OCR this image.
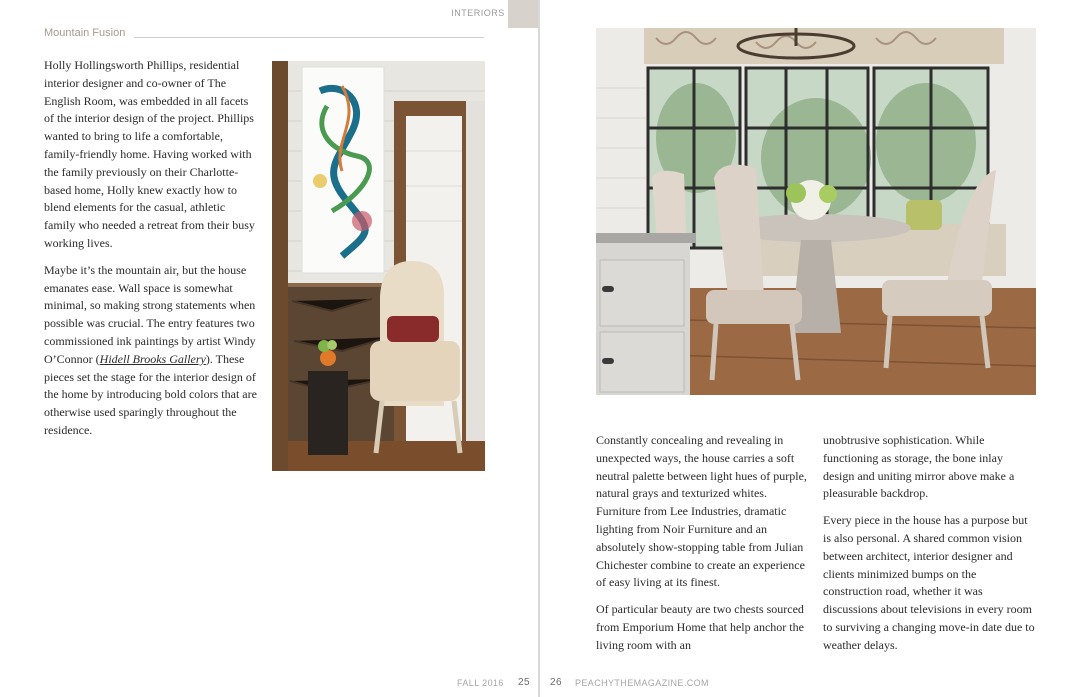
INTERIORS
Mountain Fusion

Holly Hollingsworth Phillips, residential interior designer and co-owner of The English Room, was embedded in all facets of the interior design of the project. Phillips wanted to bring to life a comfortable, family-friendly home. Having worked with the family previously on their Charlotte-based home, Holly knew exactly how to blend elements for the casual, athletic family who needed a retreat from their busy working lives.

Maybe it’s the mountain air, but the house emanates ease. Wall space is somewhat minimal, so making strong statements when possible was crucial. The entry features two commissioned ink paintings by artist Windy O’Connor (Hidell Brooks Gallery). These pieces set the stage for the interior design of the home by introducing bold colors that are otherwise used sparingly throughout the residence.

FALL 2016 25 26 PEACHYTHEMAGAZINE.COM

Constantly concealing and revealing in unexpected ways, the house carries a soft neutral palette between light hues of purple, natural grays and texturized whites. Furniture from Lee Industries, dramatic lighting from Noir Furniture and an absolutely show-stopping table from Julian Chichester combine to create an experience of easy living at its finest.

Of particular beauty are two chests sourced from Emporium Home that help anchor the living room with an

unobtrusive sophistication. While functioning as storage, the bone inlay design and uniting mirror above make a pleasurable backdrop.

Every piece in the house has a purpose but is also personal. A shared common vision between architect, interior designer and clients minimized bumps on the construction road, whether it was discussions about televisions in every room to surviving a changing move-in date due to weather delays.
